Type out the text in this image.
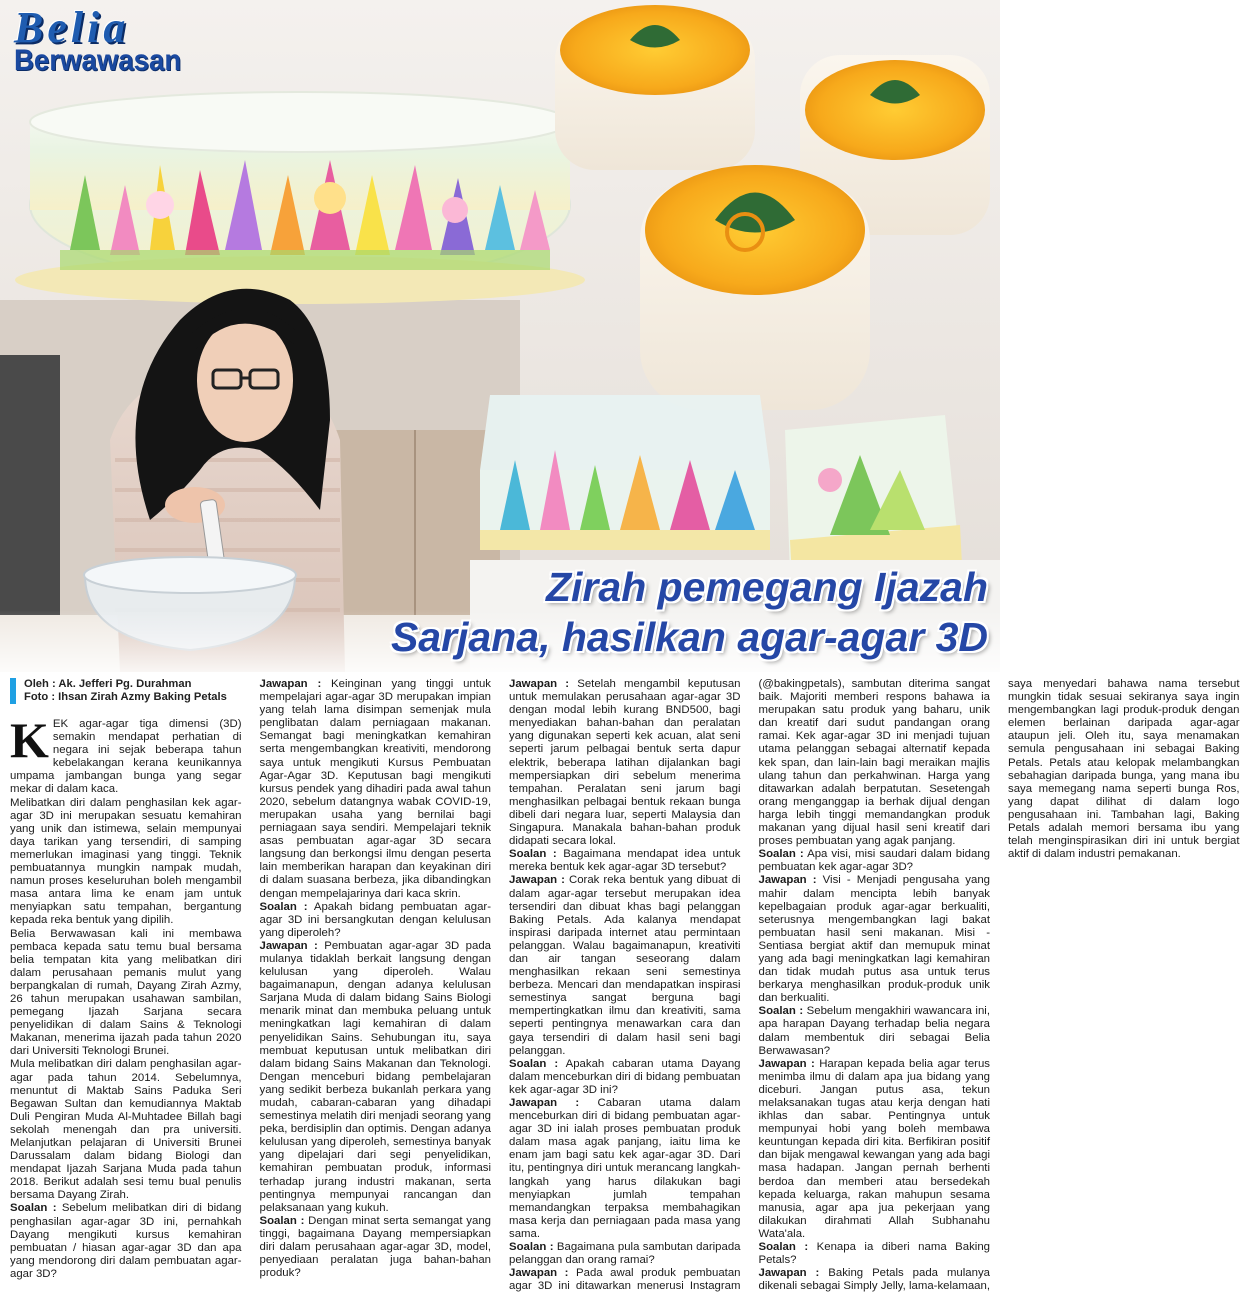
Belia
Berwawasan
Zirah pemegang Ijazah
Sarjana, hasilkan agar-agar 3D
Oleh : Ak. Jefferi Pg. Durahman
Foto : Ihsan Zirah Azmy Baking Petals

KEK agar-agar tiga dimensi (3D) semakin mendapat perhatian di negara ini sejak beberapa tahun kebelakangan kerana keunikannya umpama jambangan bunga yang segar mekar di dalam kaca.

Melibatkan diri dalam penghasilan kek agar-agar 3D ini merupakan sesuatu kemahiran yang unik dan istimewa, selain mempunyai daya tarikan yang tersendiri, di samping memerlukan imaginasi yang tinggi. Teknik pembuatannya mungkin nampak mudah, namun proses keseluruhan boleh mengambil masa antara lima ke enam jam untuk menyiapkan satu tempahan, bergantung kepada reka bentuk yang dipilih.

Belia Berwawasan kali ini membawa pembaca kepada satu temu bual bersama belia tempatan kita yang melibatkan diri dalam perusahaan pemanis mulut yang berpangkalan di rumah, Dayang Zirah Azmy, 26 tahun merupakan usahawan sambilan, pemegang Ijazah Sarjana secara penyelidikan di dalam Sains & Teknologi Makanan, menerima ijazah pada tahun 2020 dari Universiti Teknologi Brunei.

Mula melibatkan diri dalam penghasilan agar-agar pada tahun 2014. Sebelumnya, menuntut di Maktab Sains Paduka Seri Begawan Sultan dan kemudiannya Maktab Duli Pengiran Muda Al-Muhtadee Billah bagi sekolah menengah dan pra universiti. Melanjutkan pelajaran di Universiti Brunei Darussalam dalam bidang Biologi dan mendapat Ijazah Sarjana Muda pada tahun 2018. Berikut adalah sesi temu bual penulis bersama Dayang Zirah.

Soalan : Sebelum melibatkan diri di bidang penghasilan agar-agar 3D ini, pernahkah Dayang mengikuti kursus kemahiran pembuatan / hiasan agar-agar 3D dan apa yang mendorong diri dalam pembuatan agar-agar 3D?

Jawapan : Keinginan yang tinggi untuk mempelajari agar-agar 3D merupakan impian yang telah lama disimpan semenjak mula penglibatan dalam perniagaan makanan. Semangat bagi meningkatkan kemahiran serta mengembangkan kreativiti, mendorong saya untuk mengikuti Kursus Pembuatan Agar-Agar 3D. Keputusan bagi mengikuti kursus pendek yang dihadiri pada awal tahun 2020, sebelum datangnya wabak COVID-19, merupakan usaha yang bernilai bagi perniagaan saya sendiri. Mempelajari teknik asas pembuatan agar-agar 3D secara langsung dan berkongsi ilmu dengan peserta lain memberikan harapan dan keyakinan diri di dalam suasana berbeza, jika dibandingkan dengan mempelajarinya dari kaca skrin.

Soalan : Apakah bidang pembuatan agar-agar 3D ini bersangkutan dengan kelulusan yang diperoleh?

Jawapan : Pembuatan agar-agar 3D pada mulanya tidaklah berkait langsung dengan kelulusan yang diperoleh. Walau bagaimanapun, dengan adanya kelulusan Sarjana Muda di dalam bidang Sains Biologi menarik minat dan membuka peluang untuk meningkatkan lagi kemahiran di dalam penyelidikan Sains. Sehubungan itu, saya membuat keputusan untuk melibatkan diri dalam bidang Sains Makanan dan Teknologi. Dengan menceburi bidang pembelajaran yang sedikit berbeza bukanlah perkara yang mudah, cabaran-cabaran yang dihadapi semestinya melatih diri menjadi seorang yang peka, berdisiplin dan optimis. Dengan adanya kelulusan yang diperoleh, semestinya banyak yang dipelajari dari segi penyelidikan, kemahiran pembuatan produk, informasi terhadap jurang industri makanan, serta pentingnya mempunyai rancangan dan pelaksanaan yang kukuh.

Soalan : Dengan minat serta semangat yang tinggi, bagaimana Dayang mempersiapkan diri dalam perusahaan agar-agar 3D, model, penyediaan peralatan juga bahan-bahan produk?

Jawapan : Setelah mengambil keputusan untuk memulakan perusahaan agar-agar 3D dengan modal lebih kurang BND500, bagi menyediakan bahan-bahan dan peralatan yang digunakan seperti kek acuan, alat seni seperti jarum pelbagai bentuk serta dapur elektrik, beberapa latihan dijalankan bagi mempersiapkan diri sebelum menerima tempahan. Peralatan seni jarum bagi menghasilkan pelbagai bentuk rekaan bunga dibeli dari negara luar, seperti Malaysia dan Singapura. Manakala bahan-bahan produk didapati secara lokal.

Soalan : Bagaimana mendapat idea untuk mereka bentuk kek agar-agar 3D tersebut?

Jawapan : Corak reka bentuk yang dibuat di dalam agar-agar tersebut merupakan idea tersendiri dan dibuat khas bagi pelanggan Baking Petals. Ada kalanya mendapat inspirasi daripada internet atau permintaan pelanggan. Walau bagaimanapun, kreativiti dan air tangan seseorang dalam menghasilkan rekaan seni semestinya berbeza. Mencari dan mendapatkan inspirasi semestinya sangat berguna bagi mempertingkatkan ilmu dan kreativiti, sama seperti pentingnya menawarkan cara dan gaya tersendiri di dalam hasil seni bagi pelanggan.

Soalan : Apakah cabaran utama Dayang dalam menceburkan diri di bidang pembuatan kek agar-agar 3D ini?

Jawapan : Cabaran utama dalam menceburkan diri di bidang pembuatan agar-agar 3D ini ialah proses pembuatan produk dalam masa agak panjang, iaitu lima ke enam jam bagi satu kek agar-agar 3D. Dari itu, pentingnya diri untuk merancang langkah-langkah yang harus dilakukan bagi menyiapkan jumlah tempahan memandangkan terpaksa membahagikan masa kerja dan perniagaan pada masa yang sama.

Soalan : Bagaimana pula sambutan daripada pelanggan dan orang ramai?

Jawapan : Pada awal produk pembuatan agar 3D ini ditawarkan menerusi Instagram (@bakingpetals), sambutan diterima sangat baik. Majoriti memberi respons bahawa ia merupakan satu produk yang baharu, unik dan kreatif dari sudut pandangan orang ramai. Kek agar-agar 3D ini menjadi tujuan utama pelanggan sebagai alternatif kepada kek span, dan lain-lain bagi meraikan majlis ulang tahun dan perkahwinan. Harga yang ditawarkan adalah berpatutan. Sesetengah orang menganggap ia berhak dijual dengan harga lebih tinggi memandangkan produk makanan yang dijual hasil seni kreatif dari proses pembuatan yang agak panjang.

Soalan : Apa visi, misi saudari dalam bidang pembuatan kek agar-agar 3D?

Jawapan : Visi - Menjadi pengusaha yang mahir dalam mencipta lebih banyak kepelbagaian produk agar-agar berkualiti, seterusnya mengembangkan lagi bakat pembuatan hasil seni makanan. Misi - Sentiasa bergiat aktif dan memupuk minat yang ada bagi meningkatkan lagi kemahiran dan tidak mudah putus asa untuk terus berkarya menghasilkan produk-produk unik dan berkualiti.

Soalan : Sebelum mengakhiri wawancara ini, apa harapan Dayang terhadap belia negara dalam membentuk diri sebagai Belia Berwawasan?

Jawapan : Harapan kepada belia agar terus menimba ilmu di dalam apa jua bidang yang diceburi. Jangan putus asa, tekun melaksanakan tugas atau kerja dengan hati ikhlas dan sabar. Pentingnya untuk mempunyai hobi yang boleh membawa keuntungan kepada diri kita. Berfikiran positif dan bijak mengawal kewangan yang ada bagi masa hadapan. Jangan pernah berhenti berdoa dan memberi atau bersedekah kepada keluarga, rakan mahupun sesama manusia, agar apa jua pekerjaan yang dilakukan dirahmati Allah Subhanahu Wata'ala.

Soalan : Kenapa ia diberi nama Baking Petals?

Jawapan : Baking Petals pada mulanya dikenali sebagai Simply Jelly, lama-kelamaan, saya menyedari bahawa nama tersebut mungkin tidak sesuai sekiranya saya ingin mengembangkan lagi produk-produk dengan elemen berlainan daripada agar-agar ataupun jeli. Oleh itu, saya menamakan semula pengusahaan ini sebagai Baking Petals. Petals atau kelopak melambangkan sebahagian daripada bunga, yang mana ibu saya memegang nama seperti bunga Ros, yang dapat dilihat di dalam logo pengusahaan ini. Tambahan lagi, Baking Petals adalah memori bersama ibu yang telah menginspirasikan diri ini untuk bergiat aktif di dalam industri pemakanan.
